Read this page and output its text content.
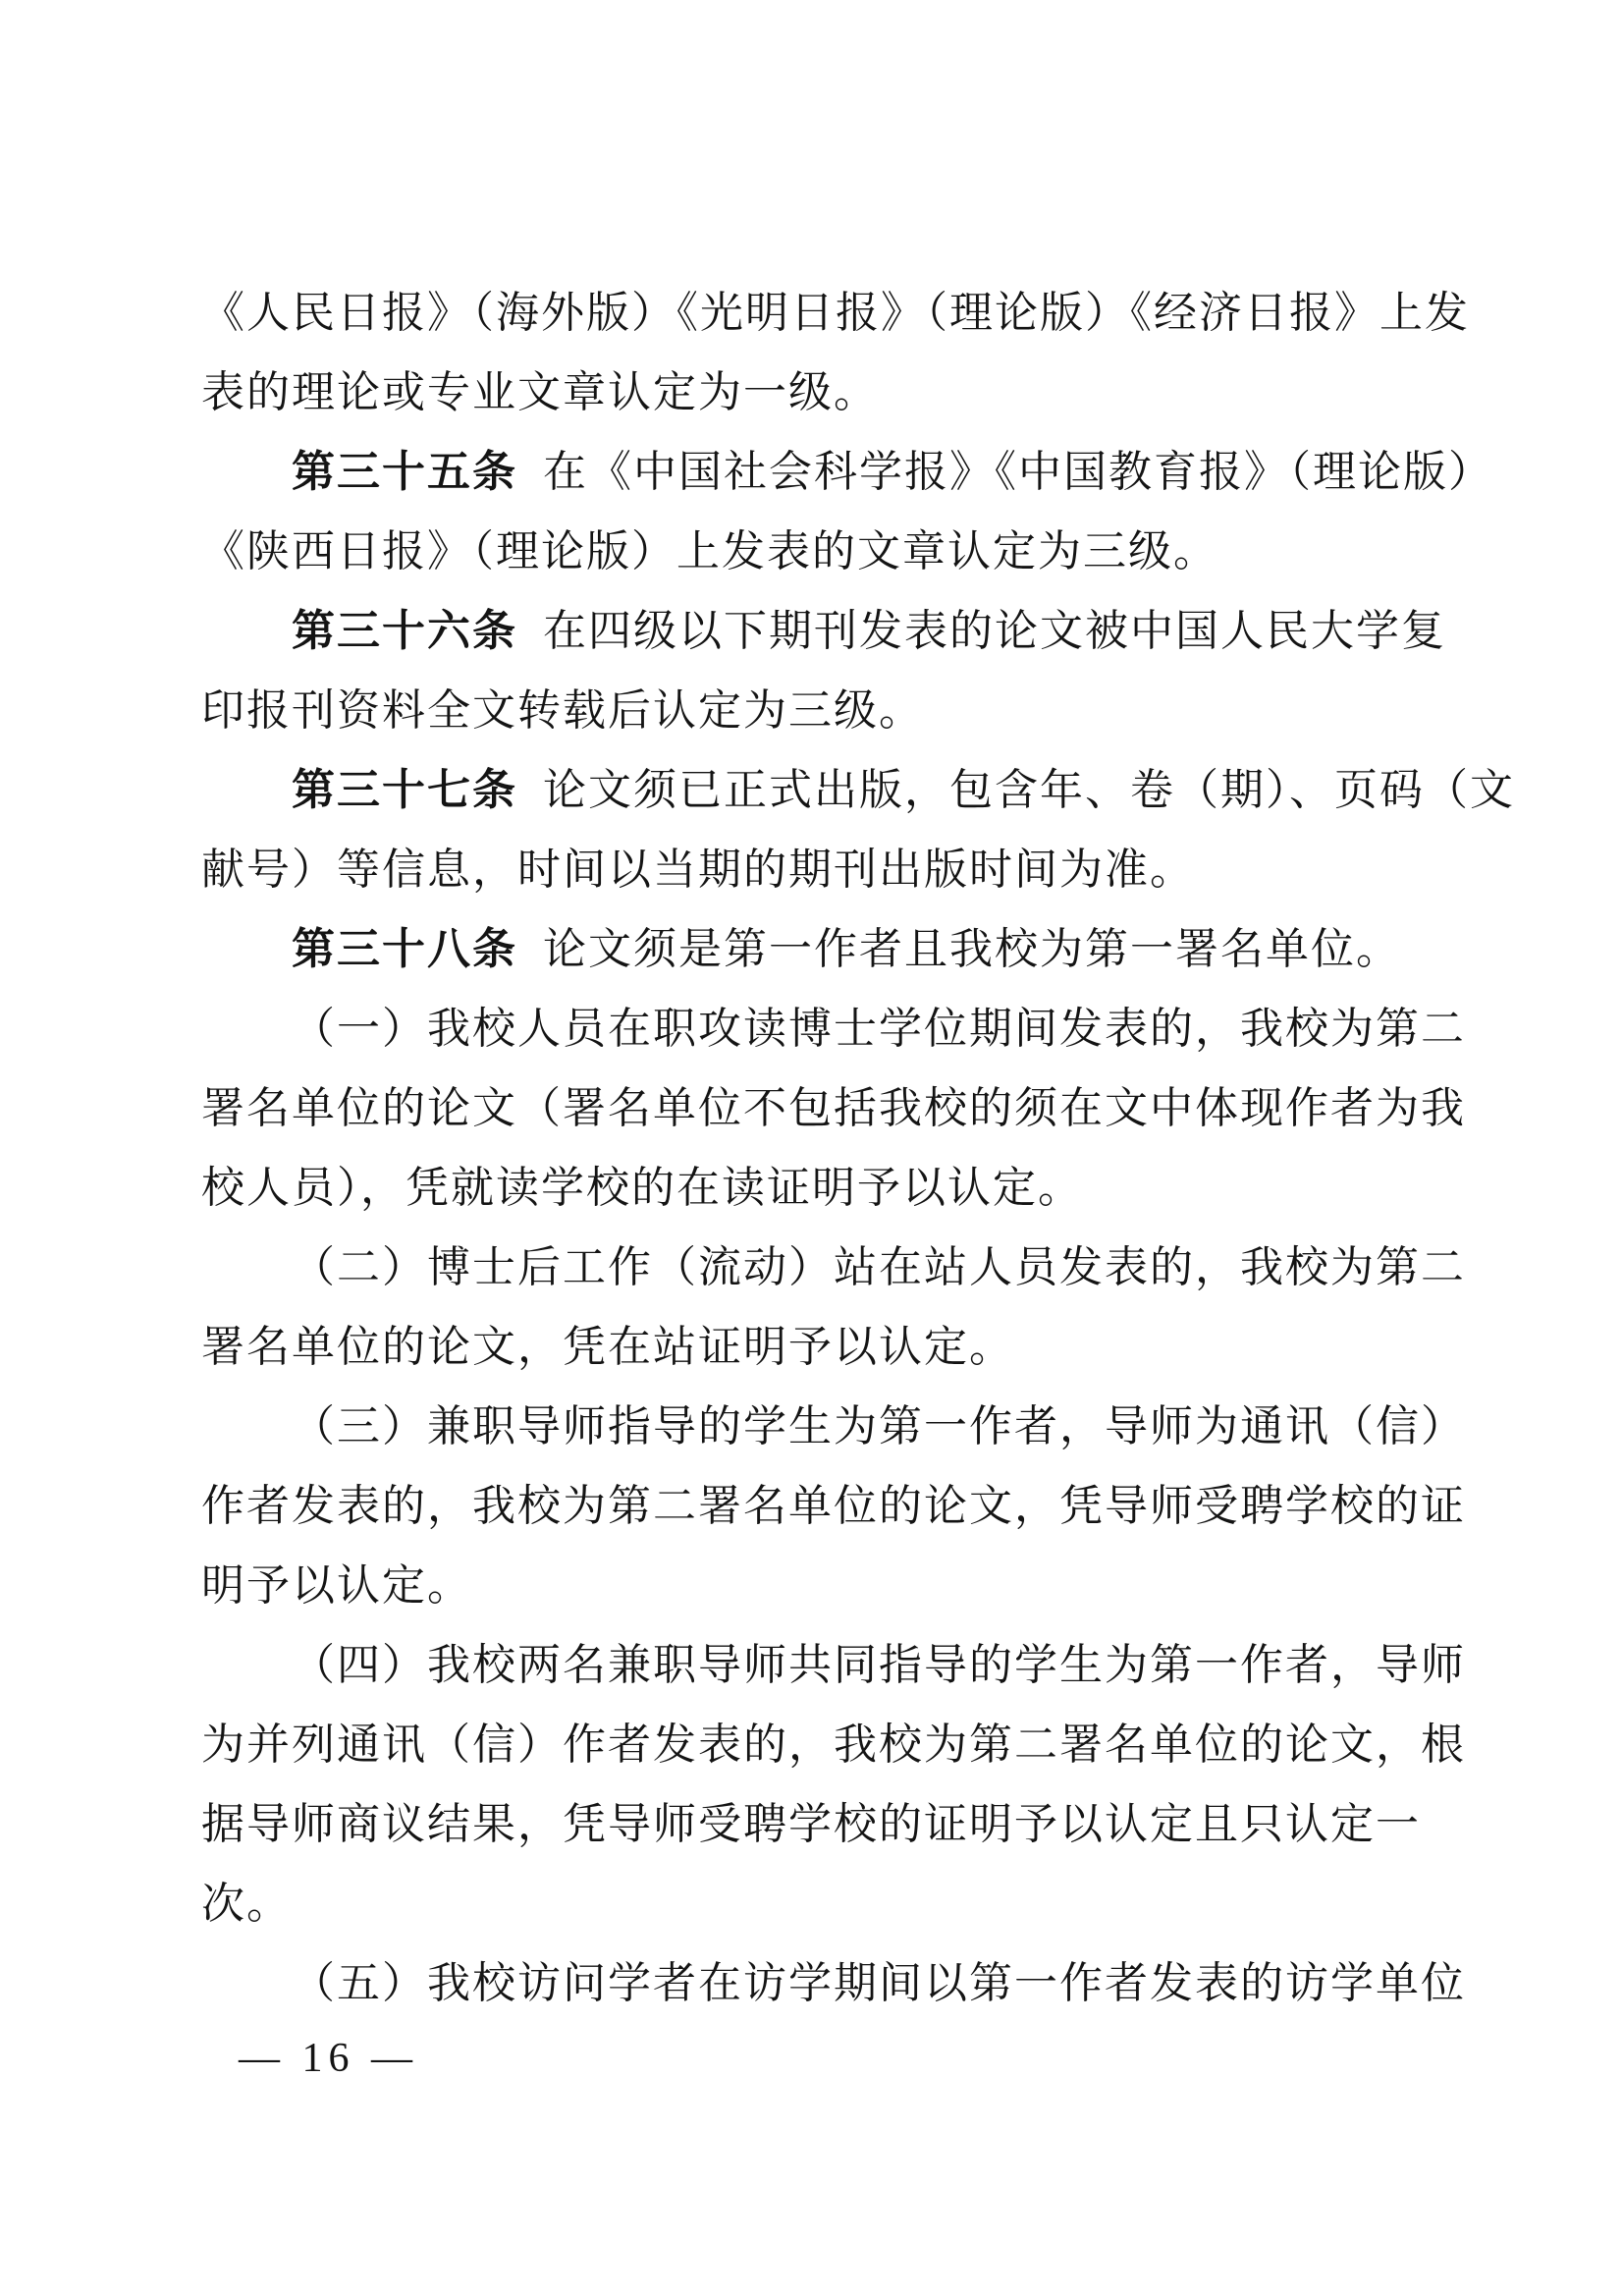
《人民日报》（海外版）《光明日报》（理论版）《经济日报》上发
表的理论或专业文章认定为一级。
第三十五条 在《中国社会科学报》《中国教育报》（理论版）
《陕西日报》（理论版）上发表的文章认定为三级。
第三十六条 在四级以下期刊发表的论文被中国人民大学复
印报刊资料全文转载后认定为三级。
第三十七条 论文须已正式出版，包含年、卷（期）、页码（文
献号）等信息，时间以当期的期刊出版时间为准。
第三十八条 论文须是第一作者且我校为第一署名单位。
（一）我校人员在职攻读博士学位期间发表的，我校为第二
署名单位的论文（署名单位不包括我校的须在文中体现作者为我
校人员），凭就读学校的在读证明予以认定。
（二）博士后工作（流动）站在站人员发表的，我校为第二
署名单位的论文，凭在站证明予以认定。
（三）兼职导师指导的学生为第一作者，导师为通讯（信）
作者发表的，我校为第二署名单位的论文，凭导师受聘学校的证
明予以认定。
（四）我校两名兼职导师共同指导的学生为第一作者，导师
为并列通讯（信）作者发表的，我校为第二署名单位的论文，根
据导师商议结果，凭导师受聘学校的证明予以认定且只认定一
次。
（五）我校访问学者在访学期间以第一作者发表的访学单位
— 16 —
